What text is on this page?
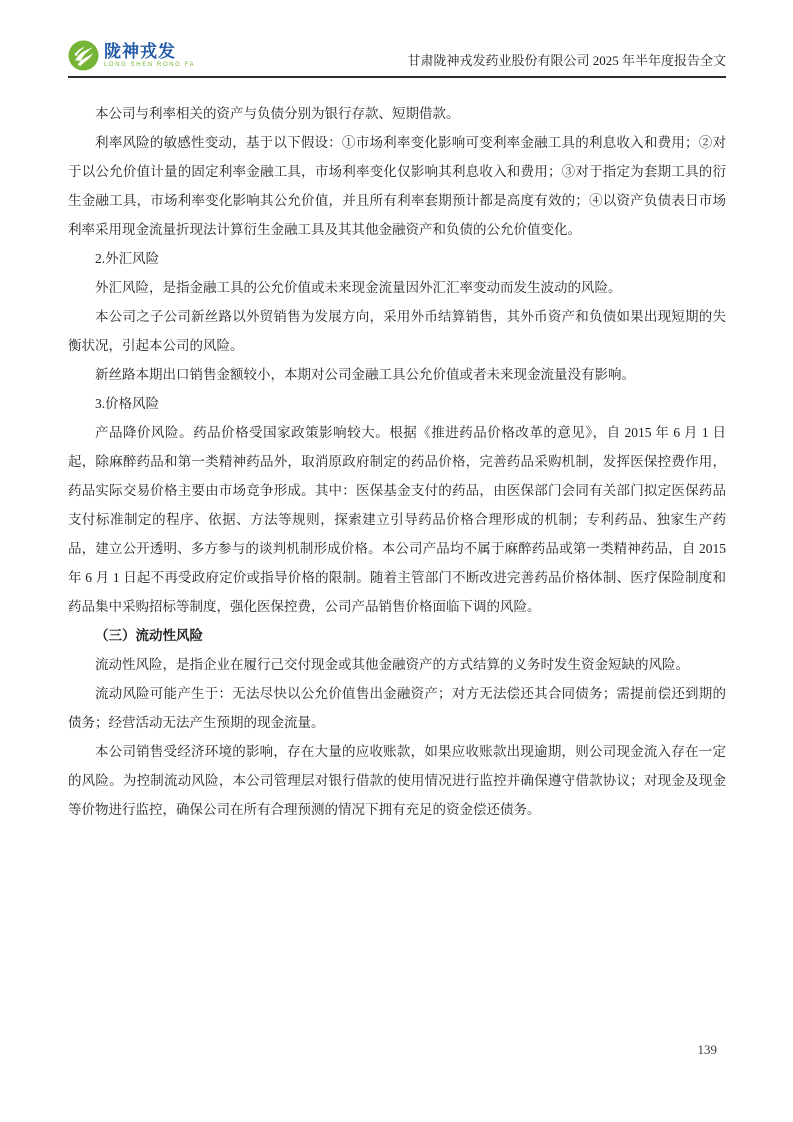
陇神戎发
LONG SHEN RONG FA	甘肃陇神戎发药业股份有限公司 2025 年半年度报告全文

本公司与利率相关的资产与负债分别为银行存款、短期借款。

利率风险的敏感性变动，基于以下假设：①市场利率变化影响可变利率金融工具的利息收入和费用；②对于以公允价值计量的固定利率金融工具，市场利率变化仅影响其利息收入和费用；③对于指定为套期工具的衍生金融工具，市场利率变化影响其公允价值，并且所有利率套期预计都是高度有效的；④以资产负债表日市场利率采用现金流量折现法计算衍生金融工具及其其他金融资产和负债的公允价值变化。

2.外汇风险

外汇风险，是指金融工具的公允价值或未来现金流量因外汇汇率变动而发生波动的风险。

本公司之子公司新丝路以外贸销售为发展方向，采用外币结算销售，其外币资产和负债如果出现短期的失衡状况，引起本公司的风险。

新丝路本期出口销售金额较小，本期对公司金融工具公允价值或者未来现金流量没有影响。

3.价格风险

产品降价风险。药品价格受国家政策影响较大。根据《推进药品价格改革的意见》，自 2015 年 6 月 1 日起，除麻醉药品和第一类精神药品外，取消原政府制定的药品价格，完善药品采购机制，发挥医保控费作用，药品实际交易价格主要由市场竞争形成。其中：医保基金支付的药品，由医保部门会同有关部门拟定医保药品支付标准制定的程序、依据、方法等规则，探索建立引导药品价格合理形成的机制；专利药品、独家生产药品，建立公开透明、多方参与的谈判机制形成价格。本公司产品均不属于麻醉药品或第一类精神药品，自 2015 年 6 月 1 日起不再受政府定价或指导价格的限制。随着主管部门不断改进完善药品价格体制、医疗保险制度和药品集中采购招标等制度，强化医保控费，公司产品销售价格面临下调的风险。

（三）流动性风险

流动性风险，是指企业在履行己交付现金或其他金融资产的方式结算的义务时发生资金短缺的风险。

流动风险可能产生于：无法尽快以公允价值售出金融资产；对方无法偿还其合同债务；需提前偿还到期的债务；经营活动无法产生预期的现金流量。

本公司销售受经济环境的影响，存在大量的应收账款，如果应收账款出现逾期，则公司现金流入存在一定的风险。为控制流动风险，本公司管理层对银行借款的使用情况进行监控并确保遵守借款协议；对现金及现金等价物进行监控，确保公司在所有合理预测的情况下拥有充足的资金偿还债务。

139
